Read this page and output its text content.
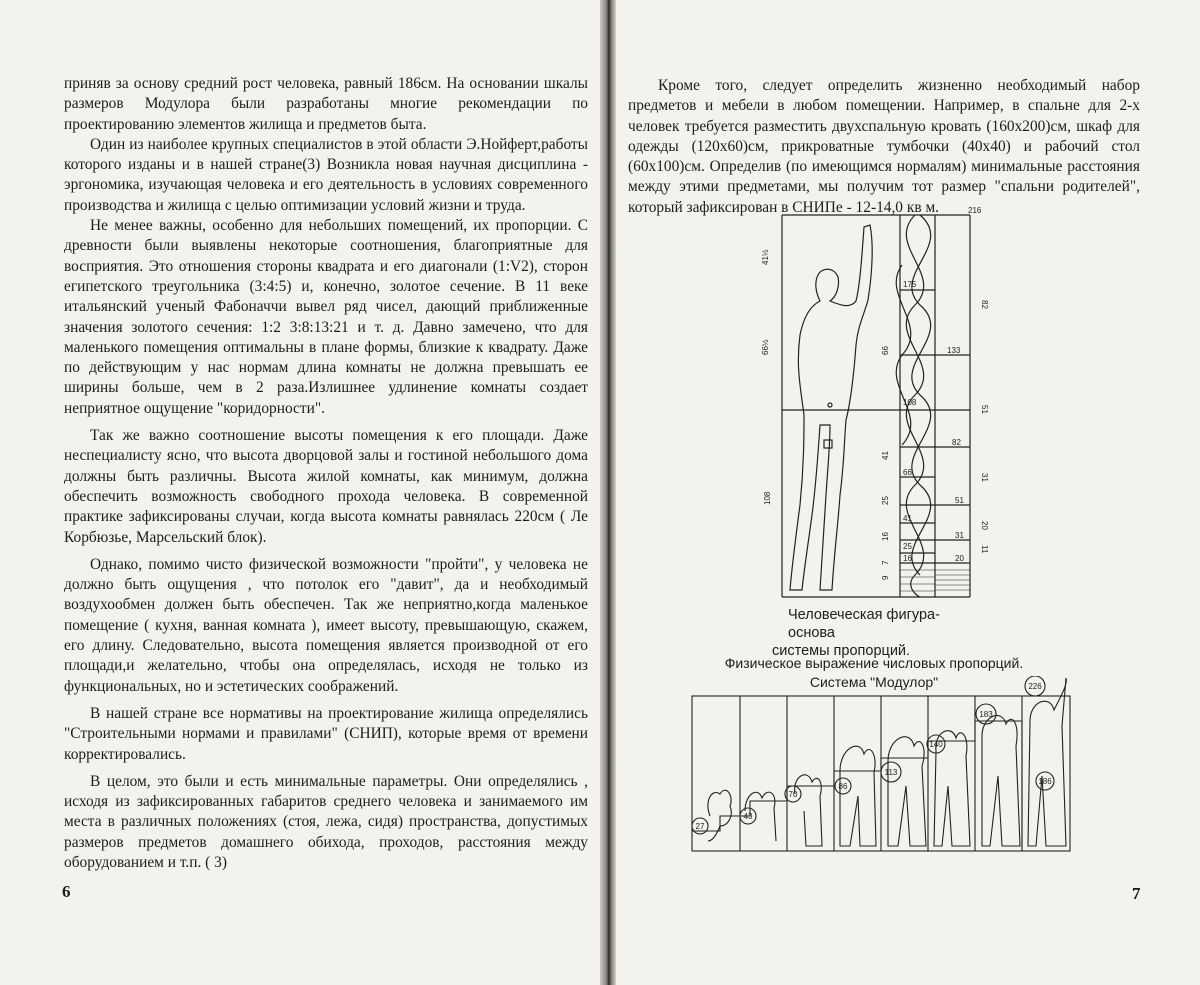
приняв за основу средний рост человека, равный 186см. На основании шкалы размеров Модулора были разработаны многие рекомендации по проектированию элементов жилища и предметов быта.

Один из наиболее крупных специалистов в этой области Э.Нойферт,работы которого изданы и в нашей стране(3) Возникла новая научная дисциплина - эргономика, изучающая человека и его деятельность в условиях современного производства и жилища с целью оптимизации условий жизни и труда.

Не менее важны, особенно для небольших помещений, их пропорции. С древности были выявлены некоторые соотношения, благоприятные для восприятия. Это отношения стороны квадрата и его диагонали (1:V2), сторон египетского треугольника (3:4:5) и, конечно, золотое сечение. В 11 веке итальянский ученый Фабоначчи вывел ряд чисел, дающий приближенные значения золотого сечения: 1:2 3:8:13:21 и т. д. Давно замечено, что для маленького помещения оптимальны в плане формы, близкие к квадрату. Даже по действующим у нас нормам длина комнаты не должна превышать ее ширины больше, чем в 2 раза.Излишнее удлинение комнаты создает неприятное ощущение "коридорности".

Так же важно соотношение высоты помещения к его площади. Даже неспециалисту ясно, что высота дворцовой залы и гостиной небольшого дома должны быть различны. Высота жилой комнаты, как минимум, должна обеспечить возможность свободного прохода человека. В современной практике зафиксированы случаи, когда высота комнаты равнялась 220см ( Ле Корбюзье, Марсельский блок).

Однако, помимо чисто физической возможности "пройти", у человека не должно быть ощущения , что потолок его "давит", да и необходимый воздухообмен должен быть обеспечен. Так же неприятно,когда маленькое помещение ( кухня, ванная комната ), имеет высоту, превышающую, скажем, его длину. Следовательно, высота помещения является производной от его площади,и желательно, чтобы она определялась, исходя не только из функциональных, но и эстетических соображений.

В нашей стране все нормативы на проектирование жилища определялись "Строительными нормами и правилами" (СНИП), которые время от времени корректировались.

В целом, это были и есть минимальные параметры. Они определялись , исходя из зафиксированных габаритов среднего человека и занимаемого им места в различных положениях (стоя, лежа, сидя) пространства, допустимых размеров предметов домашнего обихода, проходов, расстояния между оборудованием и т.п. ( 3)

6

Кроме того, следует определить жизненно необходимый набор предметов и мебели в любом помещении. Например, в спальне для 2-х человек требуется разместить двухспальную кровать (160х200)см, шкаф для одежды (120х60)см, прикроватные тумбочки (40х40) и рабочий стол (60х100)см. Определив (по имеющимся нормалям) минимальные расстояния между этими предметами, мы получим тот размер "спальни родителей", который зафиксирован в СНИПе - 12-14,0 кв м.	216
41½
66½
108
175
66
108
66
41
25
16
7
9
41
25
16
133
82
51
31
20
82
51
31
20
11
Человеческая фигура-основа
системы пропорций.
Физическое выражение числовых пропорций.
Система "Модулор"
27
43
70
86
113
140
183
226
186
7
